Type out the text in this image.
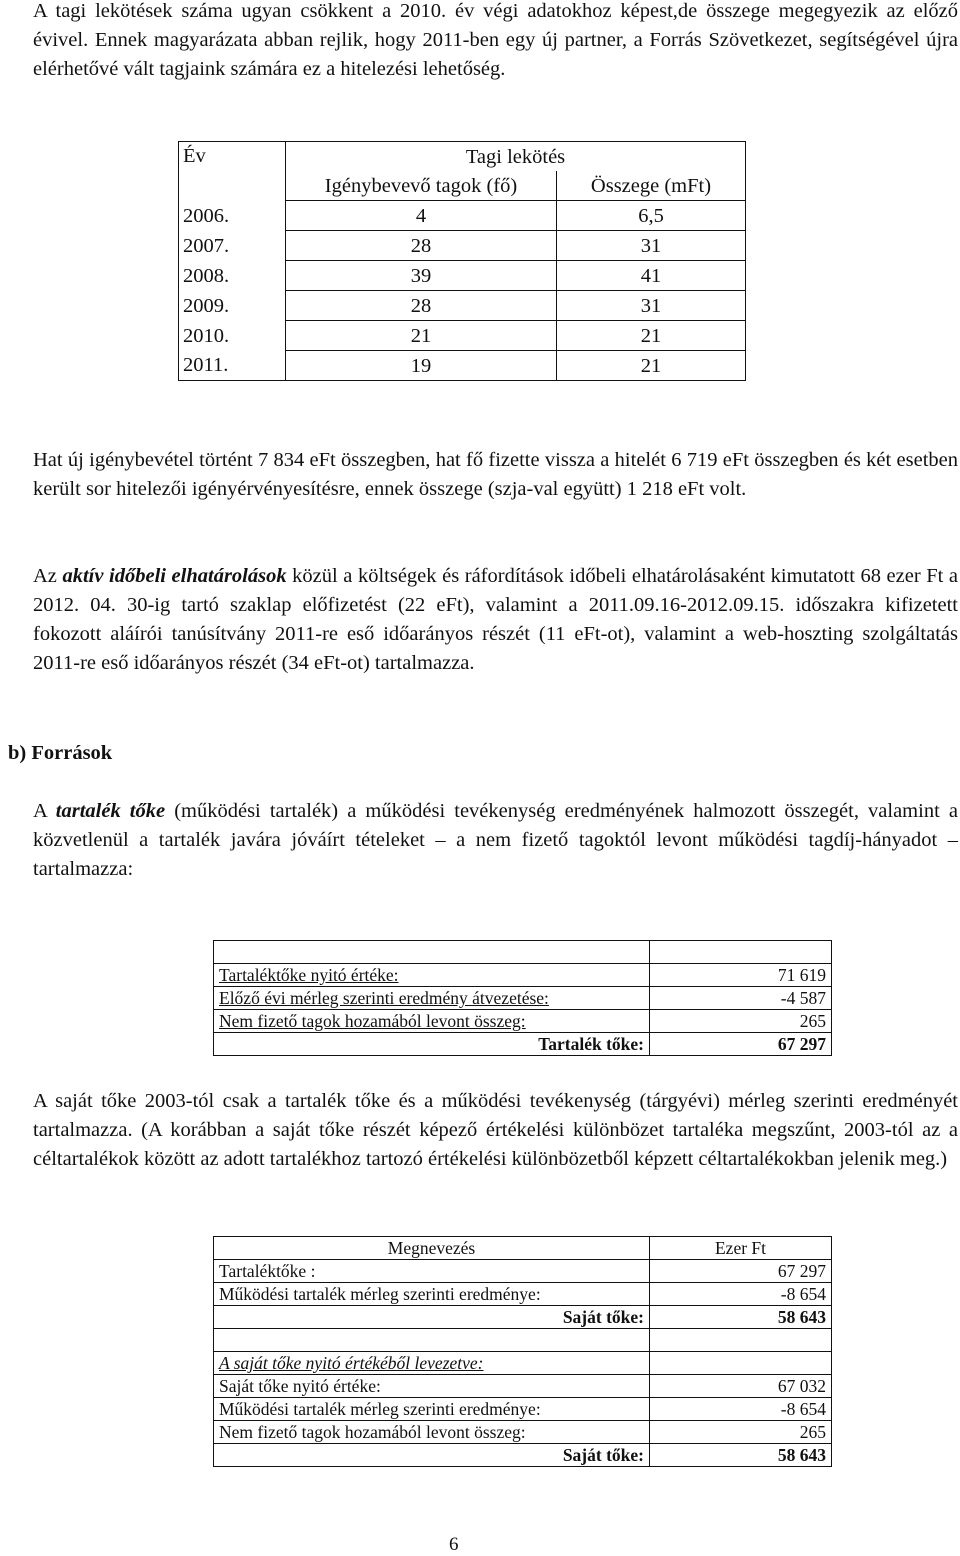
A tagi lekötések száma ugyan csökkent a 2010. év végi adatokhoz képest,de összege megegyezik az előző évivel. Ennek magyarázata abban rejlik, hogy 2011-ben egy új partner, a Forrás Szövetkezet, segítségével újra elérhetővé vált tagjaink számára ez a hitelezési lehetőség.

Év	Tagi lekötés	
	Igénybevevő tagok (fő)	Összege (mFt)
2006.	4	6,5
2007.	28	31
2008.	39	41
2009.	28	31
2010.	21	21
2011.	19	21

Hat új igénybevétel történt 7 834 eFt összegben, hat fő fizette vissza a hitelét 6 719 eFt összegben és két esetben került sor hitelezői igényérvényesítésre, ennek összege (szja-val együtt) 1 218 eFt volt.

Az aktív időbeli elhatárolások közül a költségek és ráfordítások időbeli elhatárolásaként kimutatott 68 ezer Ft a 2012. 04. 30-ig tartó szaklap előfizetést (22 eFt), valamint a 2011.09.16-2012.09.15. időszakra kifizetett fokozott aláírói tanúsítvány 2011-re eső időarányos részét (11 eFt-ot), valamint a web-hoszting szolgáltatás 2011-re eső időarányos részét (34 eFt-ot) tartalmazza.

b) Források

A tartalék tőke (működési tartalék) a működési tevékenység eredményének halmozott összegét, valamint a közvetlenül a tartalék javára jóváírt tételeket – a nem fizető tagoktól levont működési tagdíj-hányadot – tartalmazza:

Tartaléktőke nyitó értéke:	71 619
Előző évi mérleg szerinti eredmény átvezetése:	-4 587
Nem fizető tagok hozamából levont összeg:	265
Tartalék tőke:	67 297

A saját tőke 2003-tól csak a tartalék tőke és a működési tevékenység (tárgyévi) mérleg szerinti eredményét tartalmazza. (A korábban a saját tőke részét képező értékelési különbözet tartaléka megszűnt, 2003-tól az a céltartalékok között az adott tartalékhoz tartozó értékelési különbözetből képzett céltartalékokban jelenik meg.)

Megnevezés	Ezer Ft
Tartaléktőke :	67 297
Működési tartalék mérleg szerinti eredménye:	-8 654
Saját tőke:	58 643

A saját tőke nyitó értékéből levezetve:	
Saját tőke nyitó értéke:	67 032
Működési tartalék mérleg szerinti eredménye:	-8 654
Nem fizető tagok hozamából levont összeg:	265
Saját tőke:	58 643
6
